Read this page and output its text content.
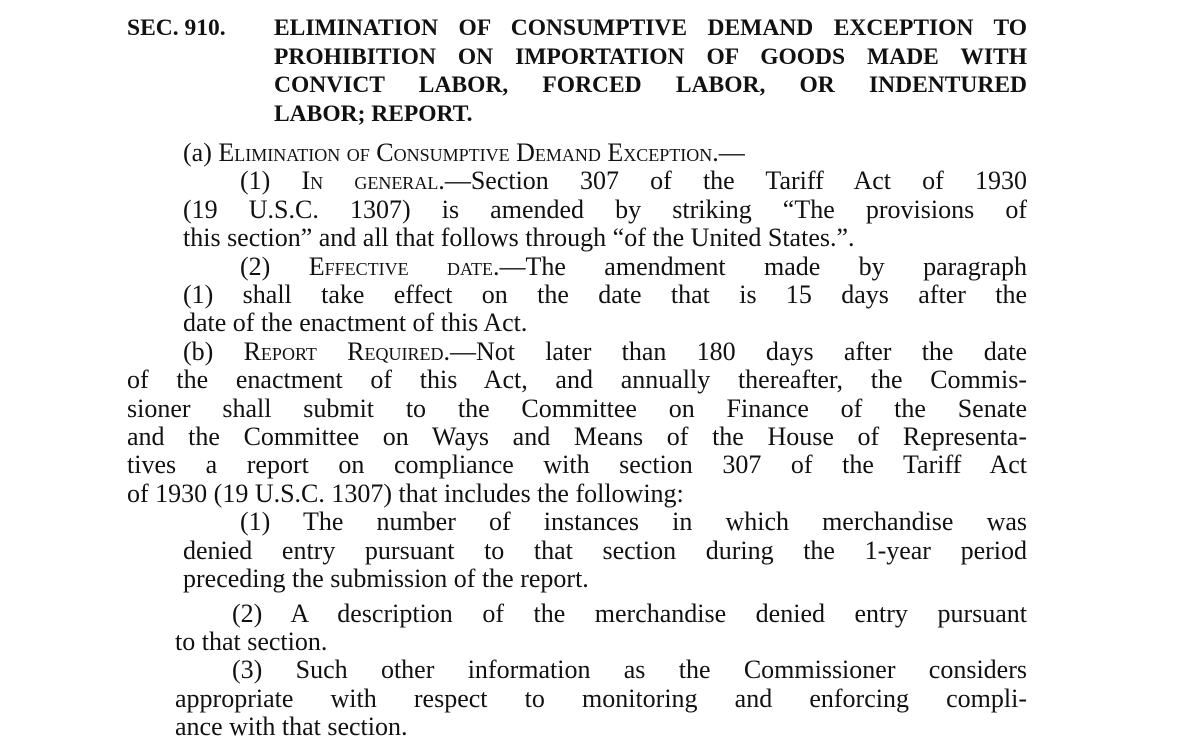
SEC. 910.	ELIMINATION OF CONSUMPTIVE DEMAND EXCEPTION TO
PROHIBITION ON IMPORTATION OF GOODS MADE WITH
CONVICT LABOR, FORCED LABOR, OR INDENTURED
LABOR; REPORT.
(a) Elimination of Consumptive Demand Exception.—
(1) In general.—Section 307 of the Tariff Act of 1930
(19 U.S.C. 1307) is amended by striking “The provisions of
this section” and all that follows through “of the United States.”.
(2) Effective date.—The amendment made by paragraph
(1) shall take effect on the date that is 15 days after the
date of the enactment of this Act.
(b) Report Required.—Not later than 180 days after the date
of the enactment of this Act, and annually thereafter, the Commis-
sioner shall submit to the Committee on Finance of the Senate
and the Committee on Ways and Means of the House of Representa-
tives a report on compliance with section 307 of the Tariff Act
of 1930 (19 U.S.C. 1307) that includes the following:
(1) The number of instances in which merchandise was
denied entry pursuant to that section during the 1-year period
preceding the submission of the report.
(2) A description of the merchandise denied entry pursuant
to that section.
(3) Such other information as the Commissioner considers
appropriate with respect to monitoring and enforcing compli-
ance with that section.
